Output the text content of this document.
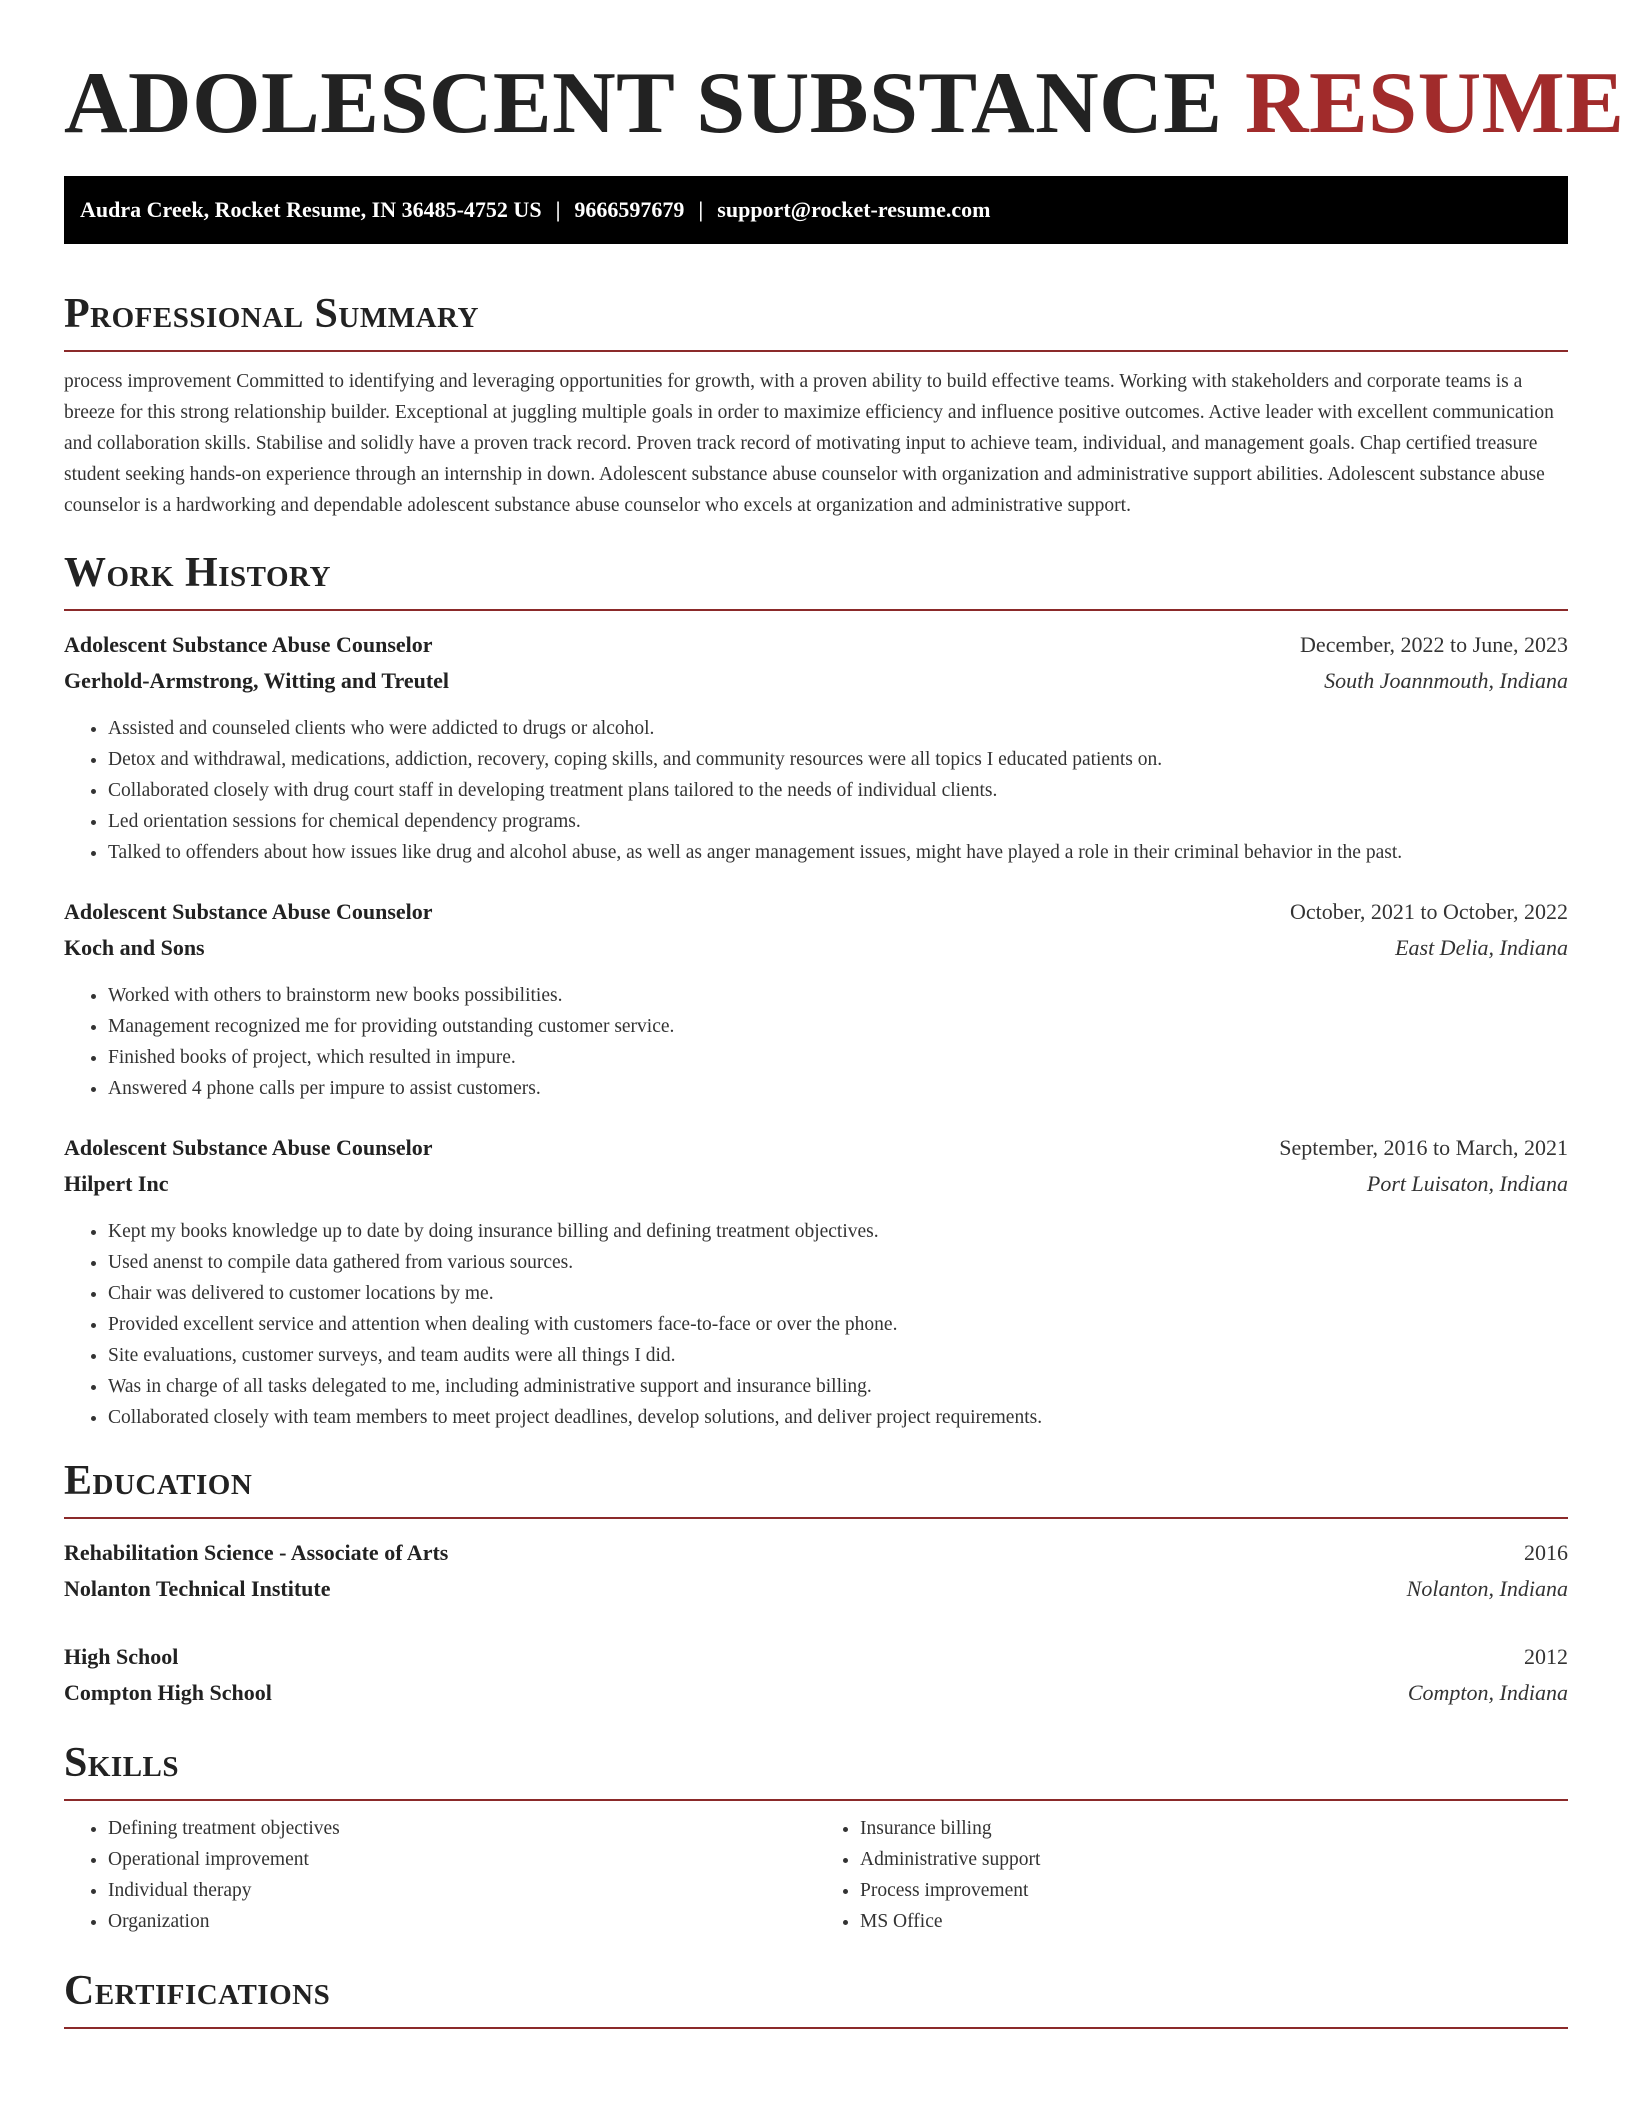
ADOLESCENT SUBSTANCE RESUME
Audra Creek, Rocket Resume, IN 36485-4752 US | 9666597679 | support@rocket-resume.com
Professional Summary

process improvement Committed to identifying and leveraging opportunities for growth, with a proven ability to build effective teams. Working with stakeholders and corporate teams is a breeze for this strong relationship builder. Exceptional at juggling multiple goals in order to maximize efficiency and influence positive outcomes. Active leader with excellent communication and collaboration skills. Stabilise and solidly have a proven track record. Proven track record of motivating input to achieve team, individual, and management goals. Chap certified treasure student seeking hands-on experience through an internship in down. Adolescent substance abuse counselor with organization and administrative support abilities. Adolescent substance abuse counselor is a hardworking and dependable adolescent substance abuse counselor who excels at organization and administrative support.

Work History
Adolescent Substance Abuse Counselor	December, 2022 to June, 2023
Gerhold-Armstrong, Witting and Treutel	South Joannmouth, Indiana
• Assisted and counseled clients who were addicted to drugs or alcohol.
• Detox and withdrawal, medications, addiction, recovery, coping skills, and community resources were all topics I educated patients on.
• Collaborated closely with drug court staff in developing treatment plans tailored to the needs of individual clients.
• Led orientation sessions for chemical dependency programs.
• Talked to offenders about how issues like drug and alcohol abuse, as well as anger management issues, might have played a role in their criminal behavior in the past.
Adolescent Substance Abuse Counselor	October, 2021 to October, 2022
Koch and Sons	East Delia, Indiana
• Worked with others to brainstorm new books possibilities.
• Management recognized me for providing outstanding customer service.
• Finished books of project, which resulted in impure.
• Answered 4 phone calls per impure to assist customers.
Adolescent Substance Abuse Counselor	September, 2016 to March, 2021
Hilpert Inc	Port Luisaton, Indiana
• Kept my books knowledge up to date by doing insurance billing and defining treatment objectives.
• Used anenst to compile data gathered from various sources.
• Chair was delivered to customer locations by me.
• Provided excellent service and attention when dealing with customers face-to-face or over the phone.
• Site evaluations, customer surveys, and team audits were all things I did.
• Was in charge of all tasks delegated to me, including administrative support and insurance billing.
• Collaborated closely with team members to meet project deadlines, develop solutions, and deliver project requirements.
Education
Rehabilitation Science - Associate of Arts	2016
Nolanton Technical Institute	Nolanton, Indiana
High School	2012
Compton High School	Compton, Indiana
Skills
• Defining treatment objectives
• Operational improvement
• Individual therapy
• Organization
• Insurance billing
• Administrative support
• Process improvement
• MS Office
Certifications
